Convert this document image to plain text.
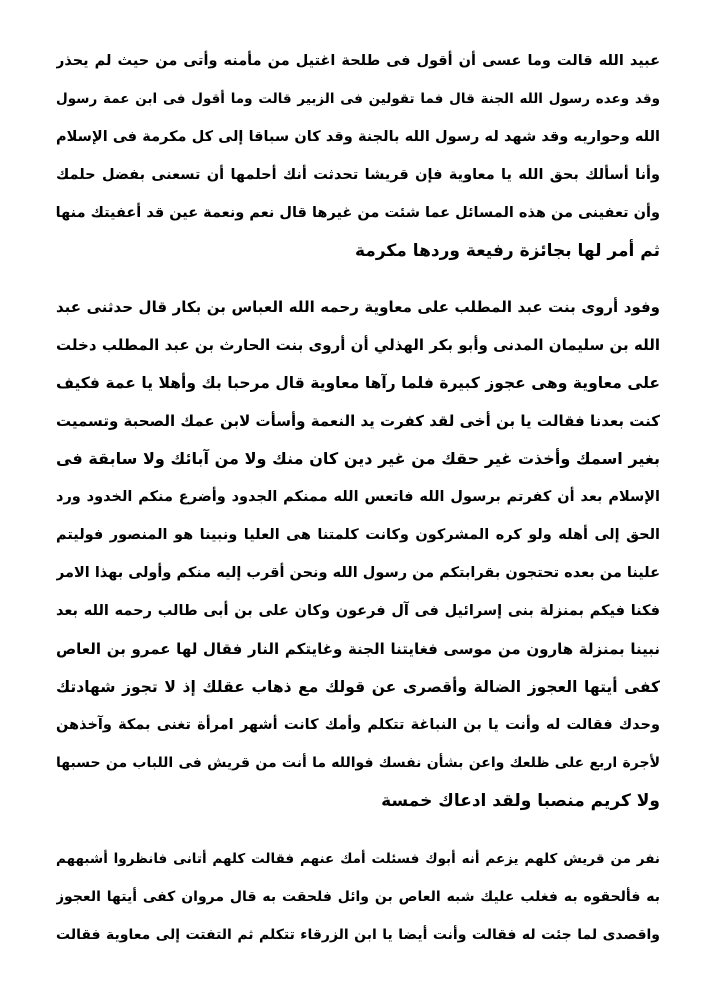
عبيد الله قالت وما عسى أن أقول فى طلحة اغتيل من مأمنه وأتى من حيث لم يحذر
وقد وعده رسول الله الجنة قال فما تقولين فى الزبير قالت وما أقول فى ابن عمة رسول
الله وحواريه وقد شهد له رسول الله بالجنة وقد كان سباقا إلى كل مكرمة فى الإسلام
وأنا أسألك بحق الله يا معاوية فإن قريشا تحدثت أنك أحلمها أن تسعنى بفضل حلمك
وأن تعفينى من هذه المسائل عما شئت من غيرها قال نعم ونعمة عين قد أعفيتك منها
ثم أمر لها بجائزة رفيعة وردها مكرمة
وفود أروى بنت عبد المطلب على معاوية رحمه الله العباس بن بكار قال حدثنى عبد
الله بن سليمان المدنى وأبو بكر الهذلي أن أروى بنت الحارث بن عبد المطلب دخلت
على معاوية وهى عجوز كبيرة فلما رآها معاوية قال مرحبا بك وأهلا يا عمة فكيف
كنت بعدنا فقالت يا بن أخى لقد كفرت يد النعمة وأسأت لابن عمك الصحبة وتسميت
بغير اسمك وأخذت غير حقك من غير دين كان منك ولا من آبائك ولا سابقة فى
الإسلام بعد أن كفرتم برسول الله فاتعس الله ممنكم الجدود وأضرع منكم الخدود ورد
الحق إلى أهله ولو كره المشركون وكانت كلمتنا هى العليا ونبينا هو المنصور فوليتم
علينا من بعده تحتجون بقرابتكم من رسول الله ونحن أقرب إليه منكم وأولى بهذا الامر
فكنا فيكم بمنزلة بنى إسرائيل فى آل فرعون وكان على بن أبى طالب رحمه الله بعد
نبينا بمنزلة هارون من موسى فغايتنا الجنة وغايتكم النار فقال لها عمرو بن العاص
كفى أيتها العجوز الضالة وأقصرى عن قولك مع ذهاب عقلك إذ لا تجوز شهادتك
وحدك فقالت له وأنت يا بن النباغة تتكلم وأمك كانت أشهر امرأة تغنى بمكة وآخذهن
لأجرة اربع على ظلعك واعن بشأن نفسك فوالله ما أنت من قريش فى اللباب من حسبها
ولا كريم منصبا ولقد ادعاك خمسة
نفر من قريش كلهم يزعم أنه أبوك فسئلت أمك عنهم فقالت كلهم أتانى فانظروا أشبههم
به فألحقوه به فغلب عليك شبه العاص بن وائل فلحقت به قال مروان كفى أيتها العجوز
واقصدى لما جئت له فقالت وأنت أيضا يا ابن الزرقاء تتكلم ثم التفتت إلى معاوية فقالت
